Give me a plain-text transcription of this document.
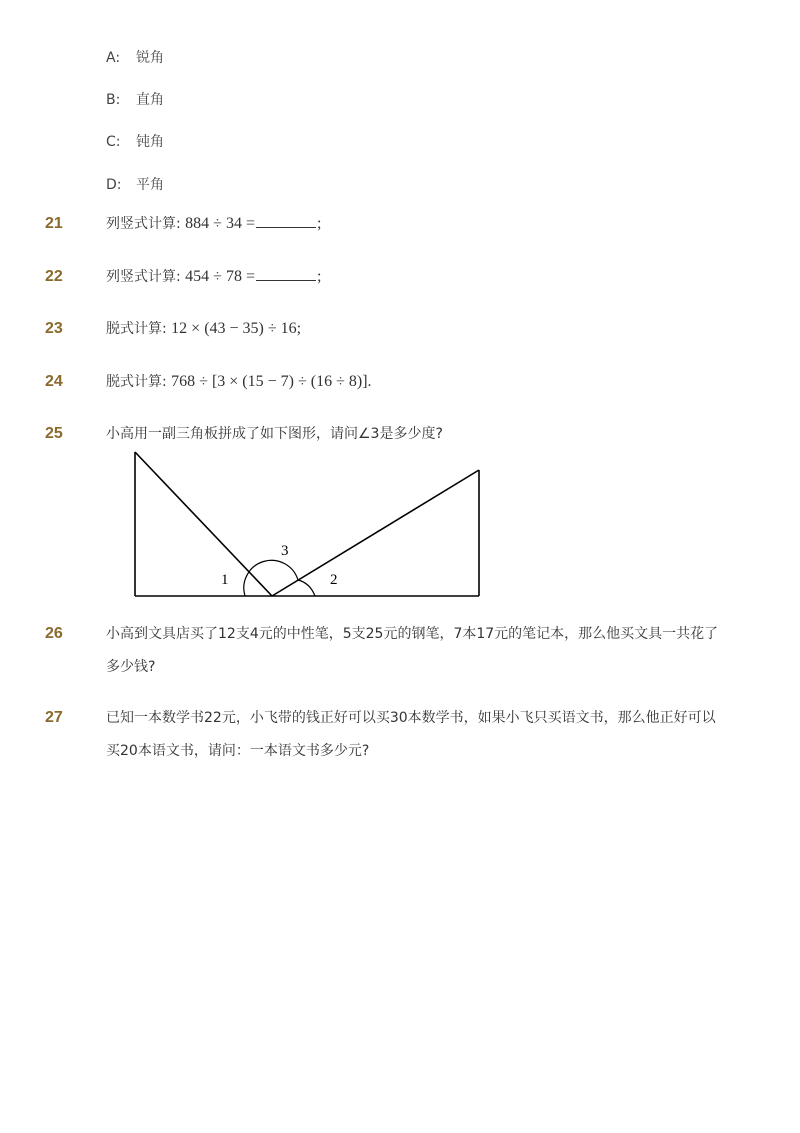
A: 锐角
B: 直角
C: 钝角
D: 平角
21	列竖式计算: 884 ÷ 34 =	;
22	列竖式计算: 454 ÷ 78 =	;
23	脱式计算: 12 × (43 − 35) ÷ 16;
24	脱式计算: 768 ÷ [3 × (15 − 7) ÷ (16 ÷ 8)].
25	小高用一副三角板拼成了如下图形，请问∠3是多少度?
3
1	2
26	小高到文具店买了12支4元的中性笔，5支25元的钢笔，7本17元的笔记本，那么他买文具一共花了多少钱?
27	已知一本数学书22元，小飞带的钱正好可以买30本数学书，如果小飞只买语文书，那么他正好可以买20本语文书，请问：一本语文书多少元?
